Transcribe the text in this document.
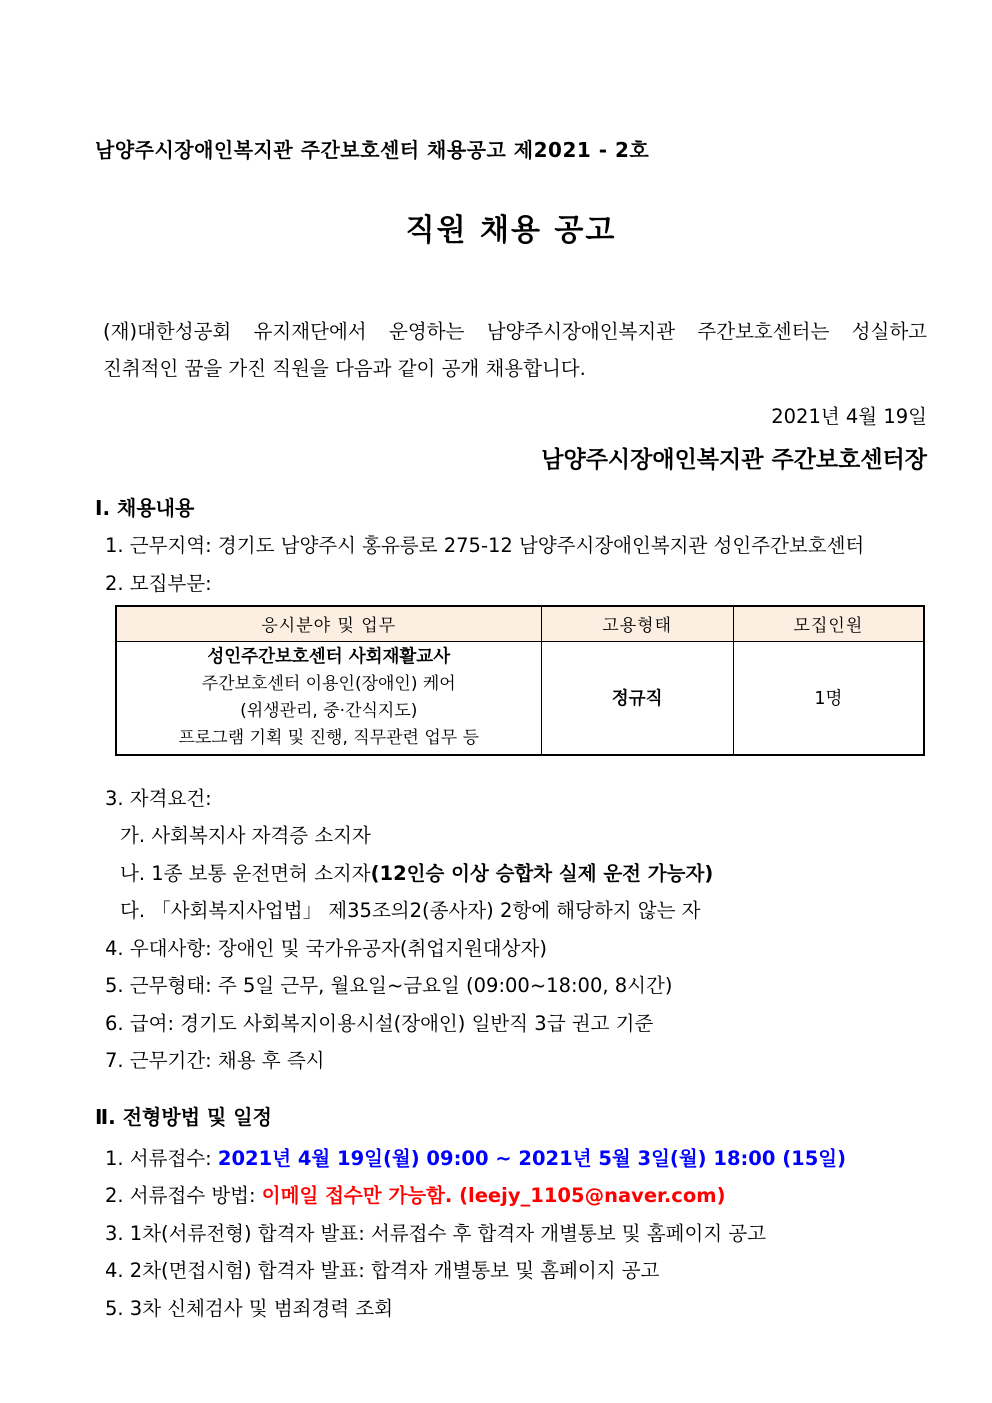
남양주시장애인복지관 주간보호센터 채용공고 제2021 - 2호
직원 채용 공고
(재)대한성공회 유지재단에서 운영하는 남양주시장애인복지관 주간보호센터는 성실하고 진취적인 꿈을 가진 직원을 다음과 같이 공개 채용합니다.
2021년 4월 19일
남양주시장애인복지관 주간보호센터장
Ⅰ. 채용내용
1. 근무지역: 경기도 남양주시 홍유릉로 275-12 남양주시장애인복지관 성인주간보호센터
2. 모집부문:
응시분야 및 업무	고용형태	모집인원

성인주간보호센터 사회재활교사
주간보호센터 이용인(장애인) 케어
(위생관리, 중·간식지도)
프로그램 기획 및 진행, 직무관련 업무 등	정규직	1명
3. 자격요건:
가. 사회복지사 자격증 소지자
나. 1종 보통 운전면허 소지자(12인승 이상 승합차 실제 운전 가능자)
다. 「사회복지사업법」 제35조의2(종사자) 2항에 해당하지 않는 자
4. 우대사항: 장애인 및 국가유공자(취업지원대상자)
5. 근무형태: 주 5일 근무, 월요일~금요일 (09:00~18:00, 8시간)
6. 급여: 경기도 사회복지이용시설(장애인) 일반직 3급 권고 기준
7. 근무기간: 채용 후 즉시
Ⅱ. 전형방법 및 일정
1. 서류접수: 2021년 4월 19일(월) 09:00 ~ 2021년 5월 3일(월) 18:00 (15일)
2. 서류접수 방법: 이메일 접수만 가능함. (leejy_1105@naver.com)
3. 1차(서류전형) 합격자 발표: 서류접수 후 합격자 개별통보 및 홈페이지 공고
4. 2차(면접시험) 합격자 발표: 합격자 개별통보 및 홈페이지 공고
5. 3차 신체검사 및 범죄경력 조회
